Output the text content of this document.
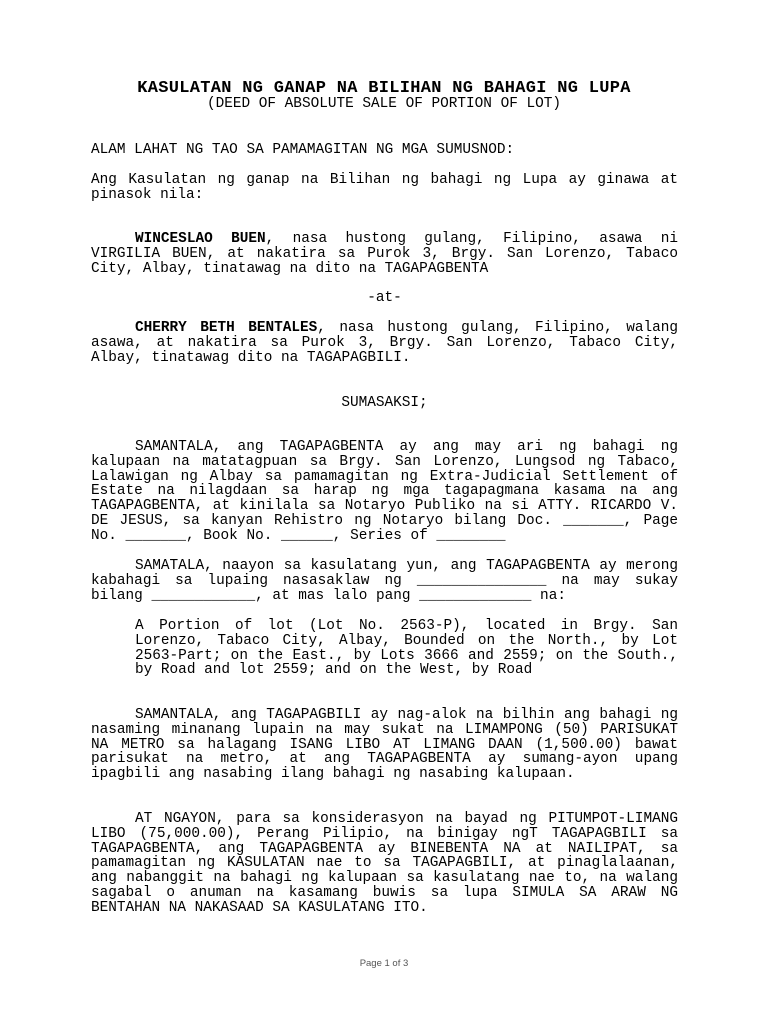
KASULATAN NG GANAP NA BILIHAN NG BAHAGI NG LUPA
(DEED OF ABSOLUTE SALE OF PORTION OF LOT)
ALAM LAHAT NG TAO SA PAMAMAGITAN NG MGA SUMUSNOD:
Ang Kasulatan ng ganap na Bilihan ng bahagi ng Lupa ay ginawa at pinasok nila:
WINCESLAO BUEN, nasa hustong gulang, Filipino, asawa ni VIRGILIA BUEN, at nakatira sa Purok 3, Brgy. San Lorenzo, Tabaco City, Albay, tinatawag na dito na TAGAPAGBENTA
-at-
CHERRY BETH BENTALES, nasa hustong gulang, Filipino, walang asawa, at nakatira sa Purok 3, Brgy. San Lorenzo, Tabaco City, Albay, tinatawag dito na TAGAPAGBILI.
SUMASAKSI;
SAMANTALA, ang TAGAPAGBENTA ay ang may ari ng bahagi ng kalupaan na matatagpuan sa Brgy. San Lorenzo, Lungsod ng Tabaco, Lalawigan ng Albay sa pamamagitan ng Extra-Judicial Settlement of Estate na nilagdaan sa harap ng mga tagapagmana kasama na ang TAGAPAGBENTA, at kinilala sa Notaryo Publiko na si ATTY. RICARDO V. DE JESUS, sa kanyan Rehistro ng Notaryo bilang Doc. _______, Page No. _______, Book No. ______, Series of ________
SAMATALA, naayon sa kasulatang yun, ang TAGAPAGBENTA ay merong kabahagi sa lupaing nasasaklaw ng _______________ na may sukay bilang ____________, at mas lalo pang _____________ na:
A Portion of lot (Lot No. 2563-P), located in Brgy. San Lorenzo, Tabaco City, Albay, Bounded on the North., by Lot 2563-Part; on the East., by Lots 3666 and 2559; on the South., by Road and lot 2559; and on the West, by Road
SAMANTALA, ang TAGAPAGBILI ay nag-alok na bilhin ang bahagi ng nasaming minanang lupain na may sukat na LIMAMPONG (50) PARISUKAT NA METRO sa halagang ISANG LIBO AT LIMANG DAAN (1,500.00) bawat parisukat na metro, at ang TAGAPAGBENTA ay sumang-ayon upang ipagbili ang nasabing ilang bahagi ng nasabing kalupaan.
AT NGAYON, para sa konsiderasyon na bayad ng PITUMPOT-LIMANG LIBO (75,000.00), Perang Pilipio, na binigay ngT TAGAPAGBILI sa TAGAPAGBENTA, ang TAGAPAGBENTA ay BINEBENTA NA at NAILIPAT, sa pamamagitan ng KASULATAN nae to sa TAGAPAGBILI, at pinaglalaanan, ang nabanggit na bahagi ng kalupaan sa kasulatang nae to, na walang sagabal o anuman na kasamang buwis sa lupa SIMULA SA ARAW NG BENTAHAN NA NAKASAAD SA KASULATANG ITO.
Page 1 of 3
